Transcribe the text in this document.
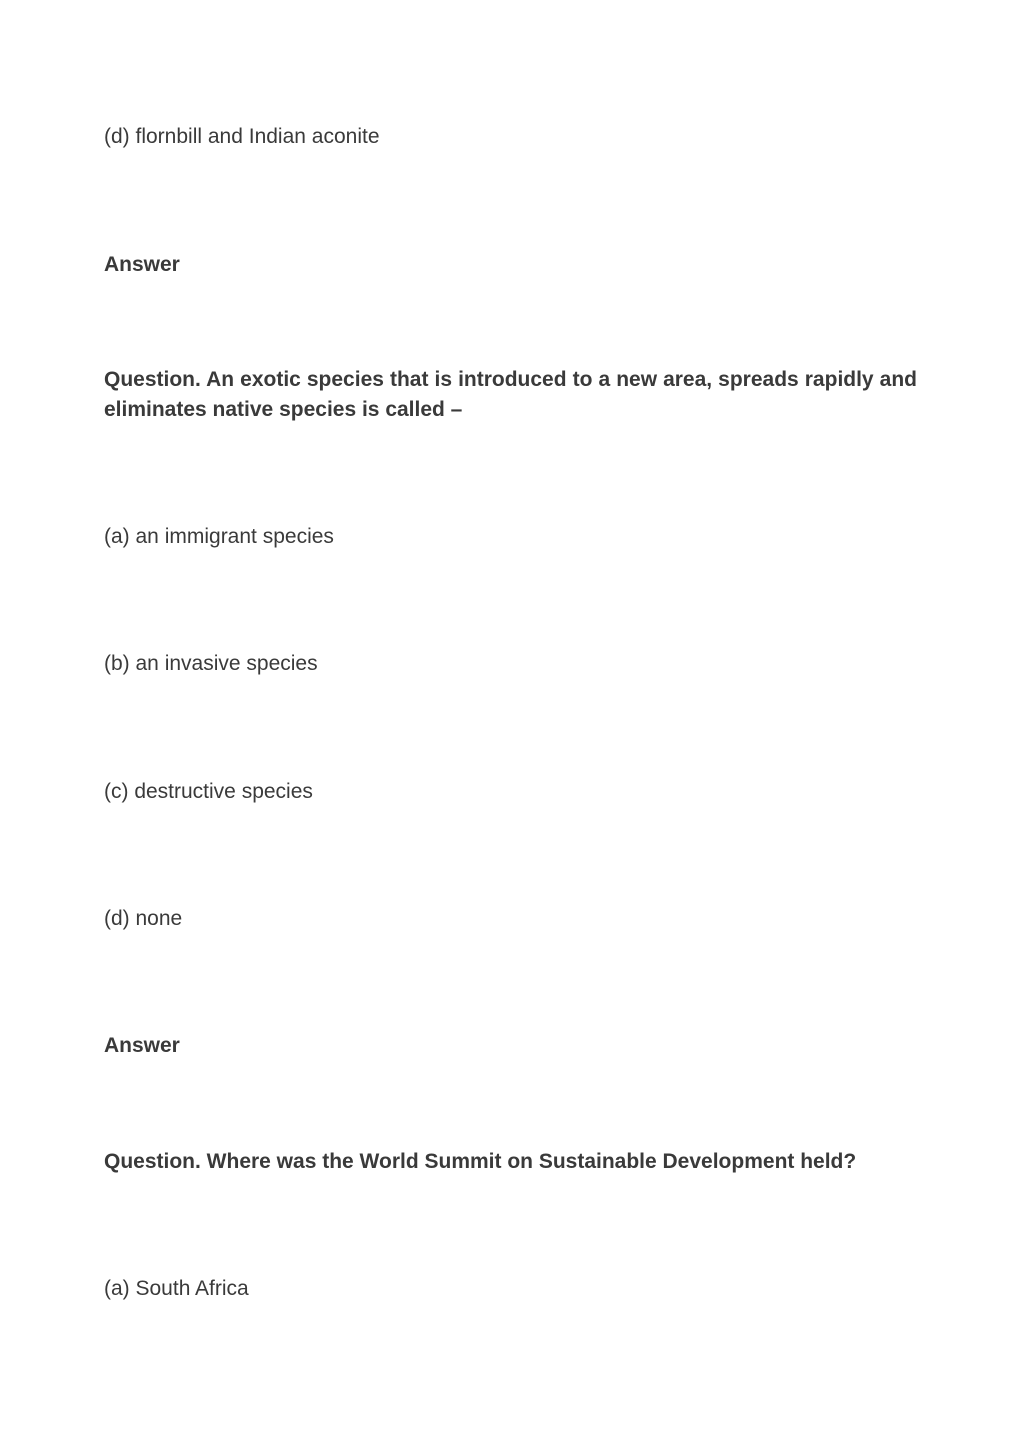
(d) flornbill and Indian aconite

Answer

Question. An exotic species that is introduced to a new area, spreads rapidly and eliminates native species is called –

(a) an immigrant species

(b) an invasive species

(c) destructive species

(d) none

Answer

Question. Where was the World Summit on Sustainable Development held?

(a) South Africa
